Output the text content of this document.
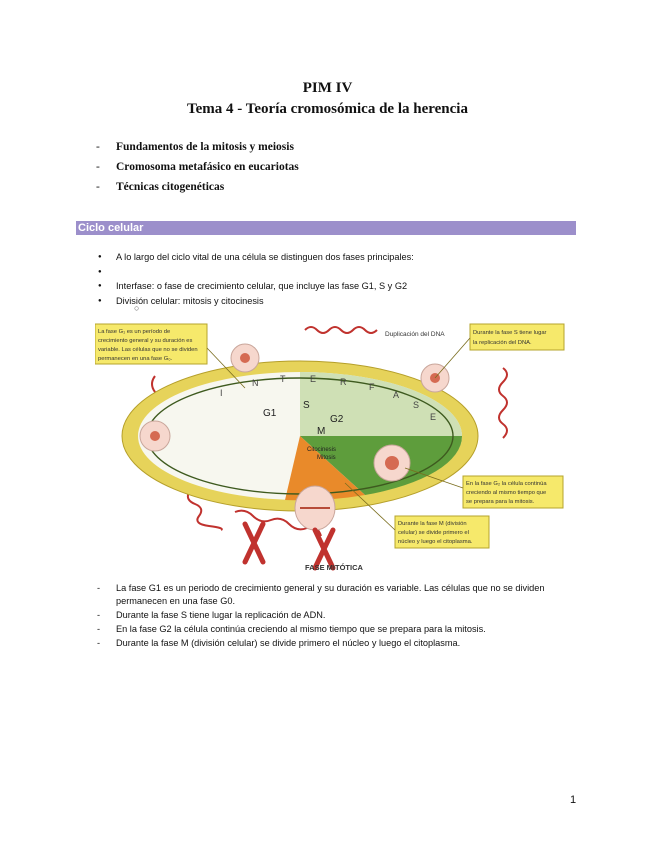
PIM IV
Tema 4 - Teoría cromosómica de la herencia
- Fundamentos de la mitosis y meiosis
- Cromosoma metafásico en eucariotas
- Técnicas citogenéticas
Ciclo celular
● A lo largo del ciclo vital de una célula se distinguen dos fases principales:
●
● Interfase: o fase de crecimiento celular, que incluye las fase G1, S y G2
● División celular: mitosis y citocinesis
○
I
N T	E	R	F
A
S
E
G1
S
G2
M
Citocinesis
Mitosis
La fase G₁ es un período de
crecimiento general y su duración es
variable. Las células que no se dividen
permanecen en una fase G₀.
Duplicación del DNA	Durante la fase S tiene lugar
la replicación del DNA.
En la fase G₂ la célula continúa
creciendo al mismo tiempo que
se prepara para la mitosis.
Durante la fase M (división
celular) se divide primero el
núcleo y luego el citoplasma.
FASE MITÓTICA
- La fase G1 es un periodo de crecimiento general y su duración es variable. Las células que no se dividen permanecen en una fase G0.
- Durante la fase S tiene lugar la replicación de ADN.
- En la fase G2 la célula continúa creciendo al mismo tiempo que se prepara para la mitosis.
- Durante la fase M (división celular) se divide primero el núcleo y luego el citoplasma.
1
